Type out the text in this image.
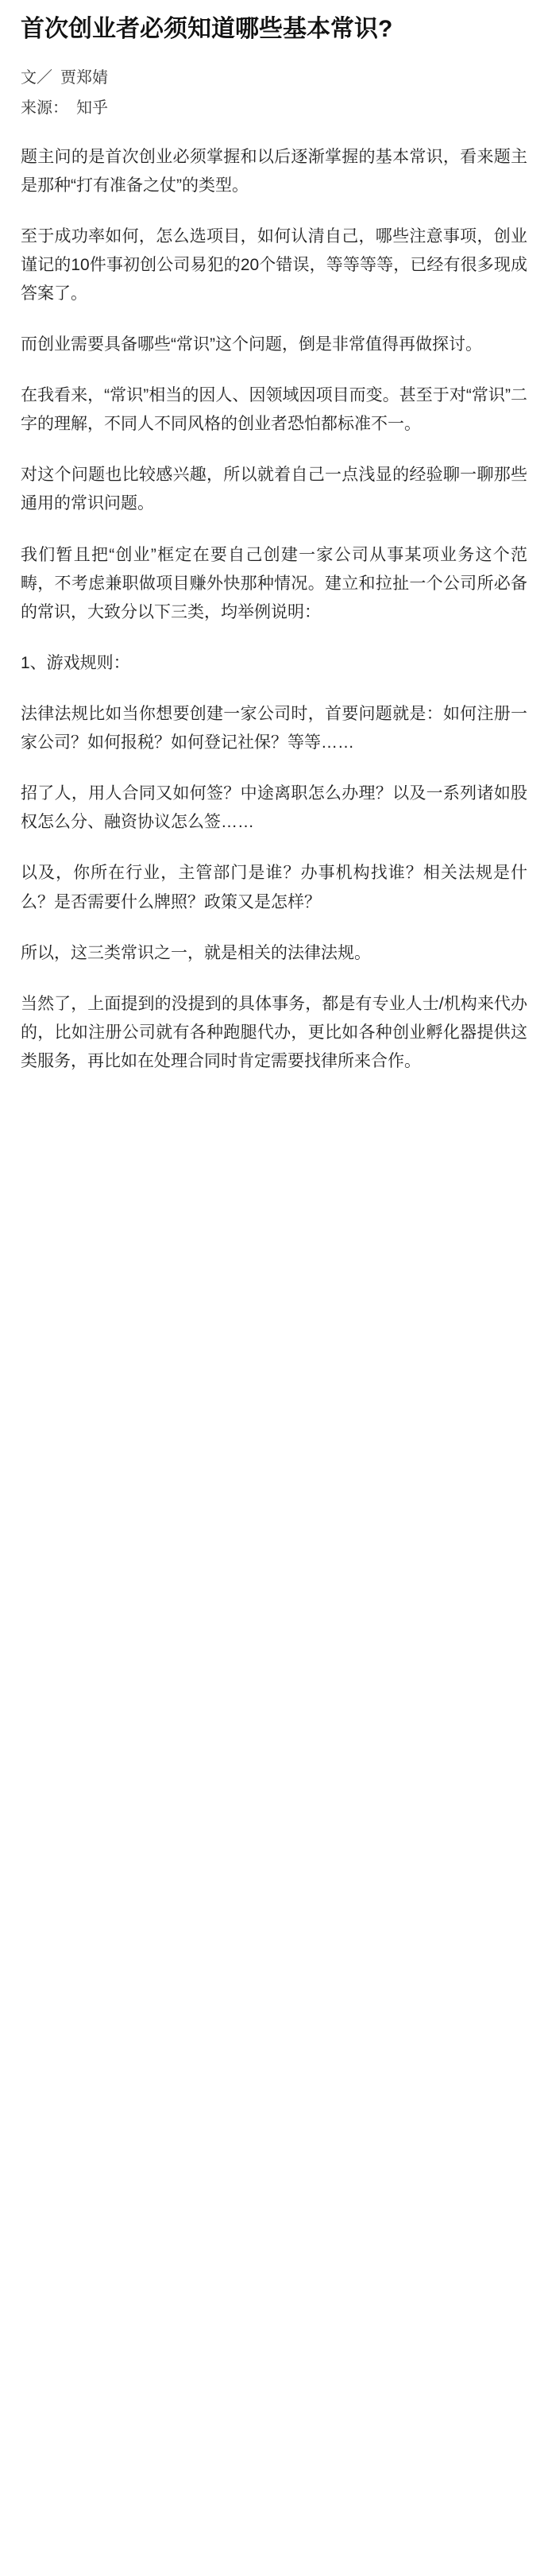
首次创业者必须知道哪些基本常识?
文／ 贾郑婧
来源： 知乎

题主问的是首次创业必须掌握和以后逐渐掌握的基本常识，看来题主是那种“打有准备之仗”的类型。

至于成功率如何，怎么选项目，如何认清自己，哪些注意事项，创业谨记的10件事初创公司易犯的20个错误，等等等等，已经有很多现成答案了。

而创业需要具备哪些“常识”这个问题，倒是非常值得再做探讨。

在我看来，“常识”相当的因人、因领域因项目而变。甚至于对“常识”二字的理解，不同人不同风格的创业者恐怕都标准不一。

对这个问题也比较感兴趣，所以就着自己一点浅显的经验聊一聊那些通用的常识问题。

我们暂且把“创业”框定在要自己创建一家公司从事某项业务这个范畴，不考虑兼职做项目赚外快那种情况。建立和拉扯一个公司所必备的常识，大致分以下三类，均举例说明：

1、游戏规则：

法律法规比如当你想要创建一家公司时，首要问题就是：如何注册一家公司？如何报税？如何登记社保？等等……

招了人，用人合同又如何签？中途离职怎么办理？以及一系列诸如股权怎么分、融资协议怎么签……

以及，你所在行业，主管部门是谁？办事机构找谁？相关法规是什么？是否需要什么牌照？政策又是怎样？

所以，这三类常识之一，就是相关的法律法规。

当然了，上面提到的没提到的具体事务，都是有专业人士/机构来代办的，比如注册公司就有各种跑腿代办，更比如各种创业孵化器提供这类服务，再比如在处理合同时肯定需要找律所来合作。
